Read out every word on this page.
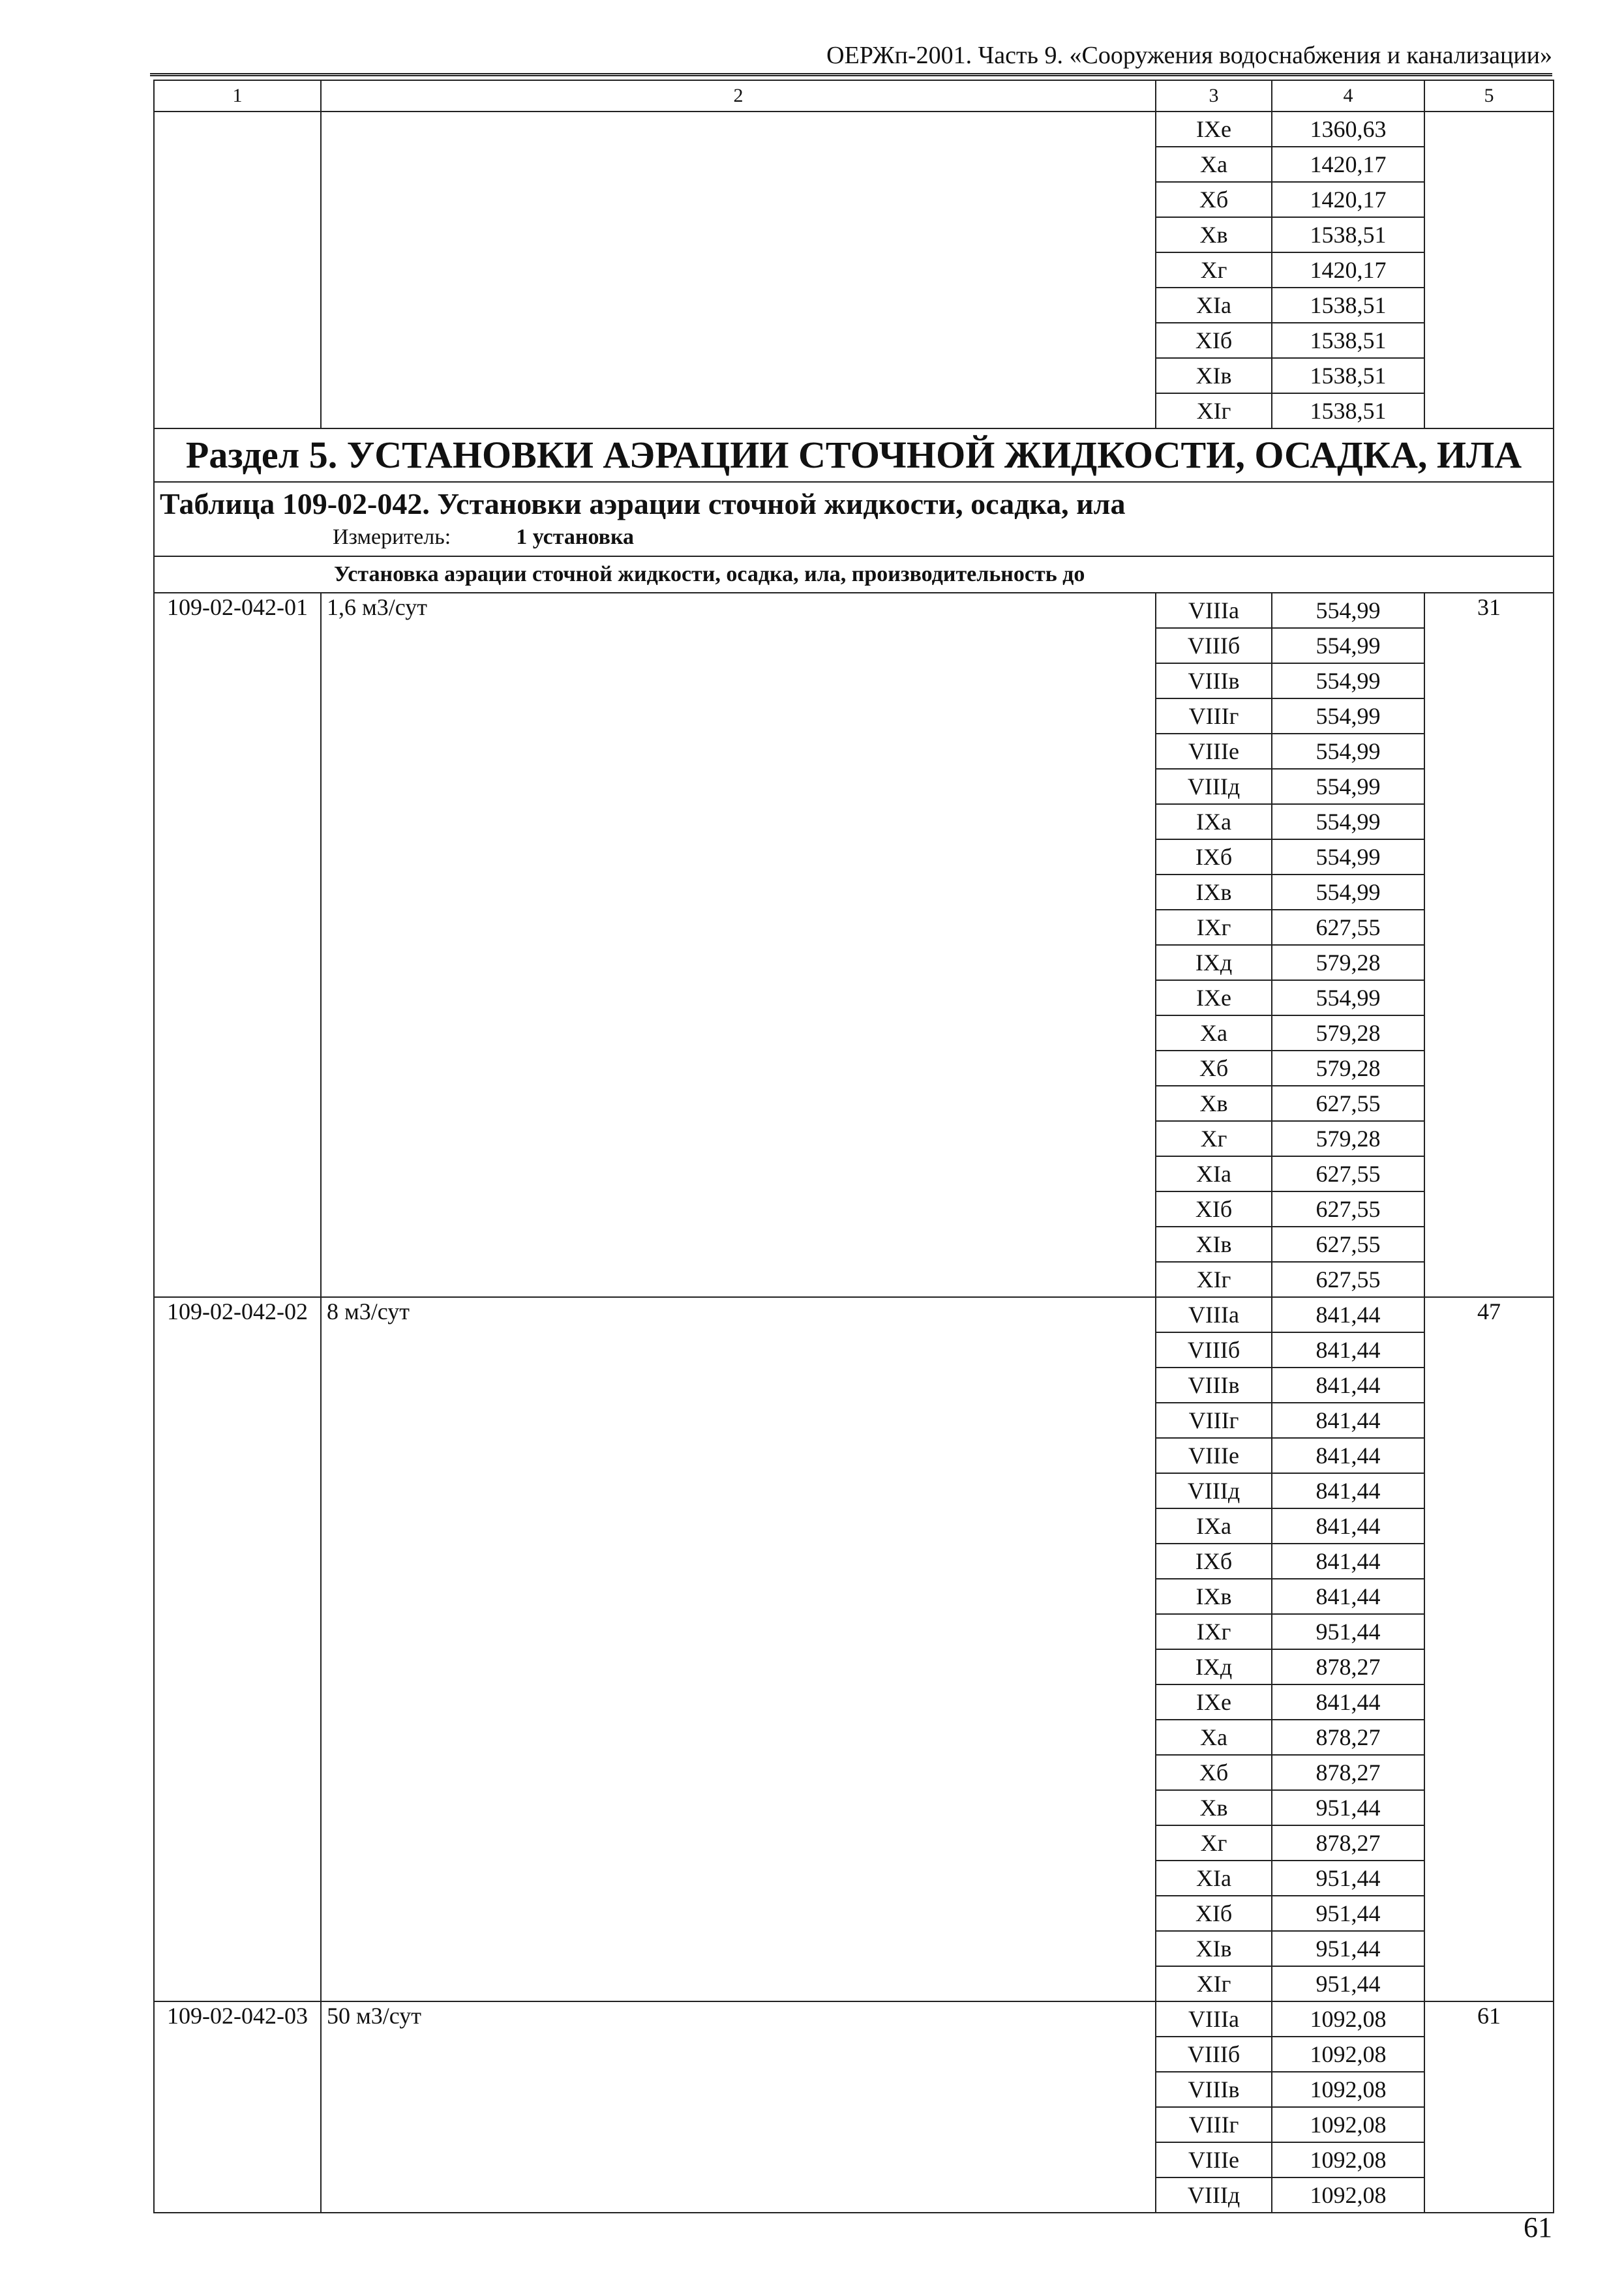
ОЕРЖп-2001. Часть 9. «Сооружения водоснабжения и канализации»
1	2	3	4	5
		IXе	1360,63	
		Xа	1420,17	
		Xб	1420,17	
		Xв	1538,51	
		Xг	1420,17	
		XIа	1538,51	
		XIб	1538,51	
		XIв	1538,51	
		XIг	1538,51	
Раздел 5. УСТАНОВКИ АЭРАЦИИ СТОЧНОЙ ЖИДКОСТИ, ОСАДКА, ИЛА				

Таблица 109-02-042. Установки аэрации сточной жидкости, осадка, ила
Измеритель: 1 установка				

Установка аэрации сточной жидкости, осадка, ила, производительность до				
109-02-042-01	1,6 м3/сут	VIIIа	554,99	31
		VIIIб	554,99	
		VIIIв	554,99	
		VIIIг	554,99	
		VIIIе	554,99	
		VIIIд	554,99	
		IXа	554,99	
		IXб	554,99	
		IXв	554,99	
		IXг	627,55	
		IXд	579,28	
		IXе	554,99	
		Xа	579,28	
		Xб	579,28	
		Xв	627,55	
		Xг	579,28	
		XIа	627,55	
		XIб	627,55	
		XIв	627,55	
		XIг	627,55	
109-02-042-02	8 м3/сут	VIIIа	841,44	47
		VIIIб	841,44	
		VIIIв	841,44	
		VIIIг	841,44	
		VIIIе	841,44	
		VIIIд	841,44	
		IXа	841,44	
		IXб	841,44	
		IXв	841,44	
		IXг	951,44	
		IXд	878,27	
		IXе	841,44	
		Xа	878,27	
		Xб	878,27	
		Xв	951,44	
		Xг	878,27	
		XIа	951,44	
		XIб	951,44	
		XIв	951,44	
		XIг	951,44	
109-02-042-03	50 м3/сут	VIIIа	1092,08	61
		VIIIб	1092,08	
		VIIIв	1092,08	
		VIIIг	1092,08	
		VIIIе	1092,08	
		VIIIд	1092,08	
61
